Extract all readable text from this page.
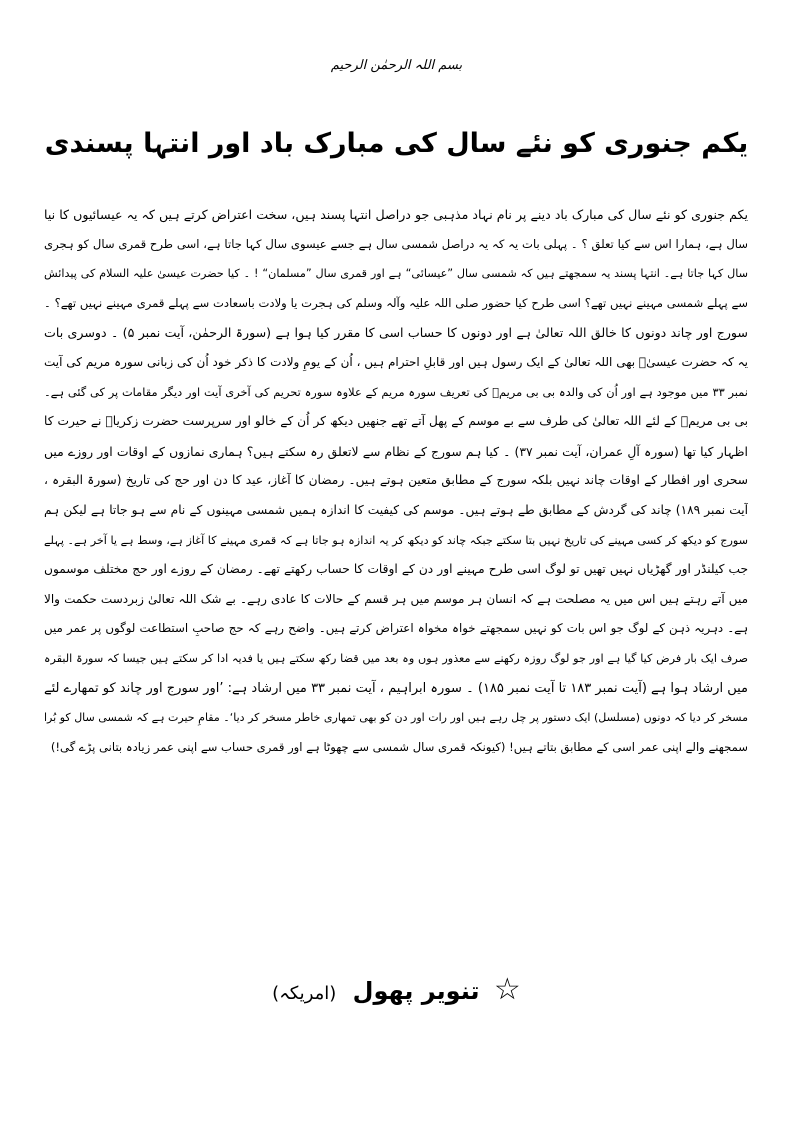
بسم اللہ الرحمٰن الرحیم
یکم جنوری کو نئے سال کی مبارک باد اور انتہا پسندی
یکم جنوری کو نئے سال کی مبارک باد دینے پر نام نہاد مذہبی جو دراصل انتہا پسند ہیں، سخت اعتراض کرتے ہیں کہ یہ عیسائیوں کا نیا
سال ہے، ہمارا اس سے کیا تعلق ؟ ۔ پہلی بات یہ کہ یہ دراصل شمسی سال ہے جسے عیسوی سال کہا جاتا ہے، اسی طرح قمری سال کو ہجری
سال کہا جاتا ہے۔ انتہا پسند یہ سمجھتے ہیں کہ شمسی سال ”عیسائی“ ہے اور قمری سال ”مسلمان“ ! ۔ کیا حضرت عیسیٰ علیہ السلام کی پیدائش
سے پہلے شمسی مہینے نہیں تھے؟ اسی طرح کیا حضور صلی اللہ علیہ وآلہ وسلم کی ہجرت یا ولادت باسعادت سے پہلے قمری مہینے نہیں تھے؟ ۔
سورج اور چاند دونوں کا خالق اللہ تعالیٰ ہے اور دونوں کا حساب اسی کا مقرر کیا ہوا ہے (سورۃ الرحمٰن، آیت نمبر ۵) ۔ دوسری بات
یہ کہ حضرت عیسیٰؑ بھی اللہ تعالیٰ کے ایک رسول ہیں اور قابلِ احترام ہیں ، اُن کے یومِ ولادت کا ذکر خود اُن کی زبانی سورہ مریم کی آیت
نمبر ۳۳ میں موجود ہے اور اُن کی والدہ بی بی مریمؑ کی تعریف سورہ مریم کے علاوہ سورہ تحریم کی آخری آیت اور دیگر مقامات پر کی گئی ہے۔
بی بی مریمؑ کے لئے اللہ تعالیٰ کی طرف سے بے موسم کے پھل آتے تھے جنھیں دیکھ کر اُن کے خالو اور سرپرست حضرت زکریاؑ نے حیرت کا
اظہار کیا تھا (سورہ آلِ عمران، آیت نمبر ۳۷) ۔ کیا ہم سورج کے نظام سے لاتعلق رہ سکتے ہیں؟ ہماری نمازوں کے اوقات اور روزے میں
سحری اور افطار کے اوقات چاند نہیں بلکہ سورج کے مطابق متعین ہوتے ہیں۔ رمضان کا آغاز، عید کا دن اور حج کی تاریخ (سورۃ البقرہ ،
آیت نمبر ۱۸۹) چاند کی گردش کے مطابق طے ہوتے ہیں۔ موسم کی کیفیت کا اندازہ ہمیں شمسی مہینوں کے نام سے ہو جاتا ہے لیکن ہم
سورج کو دیکھ کر کسی مہینے کی تاریخ نہیں بتا سکتے جبکہ چاند کو دیکھ کر یہ اندازہ ہو جاتا ہے کہ قمری مہینے کا آغاز ہے، وسط ہے یا آخر ہے۔ پہلے
جب کیلنڈر اور گھڑیاں نہیں تھیں تو لوگ اسی طرح مہینے اور دن کے اوقات کا حساب رکھتے تھے۔ رمضان کے روزے اور حج مختلف موسموں
میں آتے رہتے ہیں اس میں یہ مصلحت ہے کہ انسان ہر موسم میں ہر قسم کے حالات کا عادی رہے۔ بے شک اللہ تعالیٰ زبردست حکمت والا
ہے۔ دہریہ ذہن کے لوگ جو اس بات کو نہیں سمجھتے خواہ مخواہ اعتراض کرتے ہیں۔ واضح رہے کہ حج صاحبِ استطاعت لوگوں پر عمر میں
صرف ایک بار فرض کیا گیا ہے اور جو لوگ روزہ رکھنے سے معذور ہوں وہ بعد میں قضا رکھ سکتے ہیں یا فدیہ ادا کر سکتے ہیں جیسا کہ سورۃ البقرہ
میں ارشاد ہوا ہے (آیت نمبر ۱۸۳ تا آیت نمبر ۱۸۵) ۔ سورہ ابراہیم ، آیت نمبر ۳۳ میں ارشاد ہے: ’اور سورج اور چاند کو تمھارے لئے
مسخر کر دیا کہ دونوں (مسلسل) ایک دستور پر چل رہے ہیں اور رات اور دن کو بھی تمھاری خاطر مسخر کر دیا‘۔ مقامِ حیرت ہے کہ شمسی سال کو بُرا
سمجھنے والے اپنی عمر اسی کے مطابق بتاتے ہیں! (کیونکہ قمری سال شمسی سے چھوٹا ہے اور قمری حساب سے اپنی عمر زیادہ بتانی پڑے گی!)
☆ تنویر پھول (امریکہ)
